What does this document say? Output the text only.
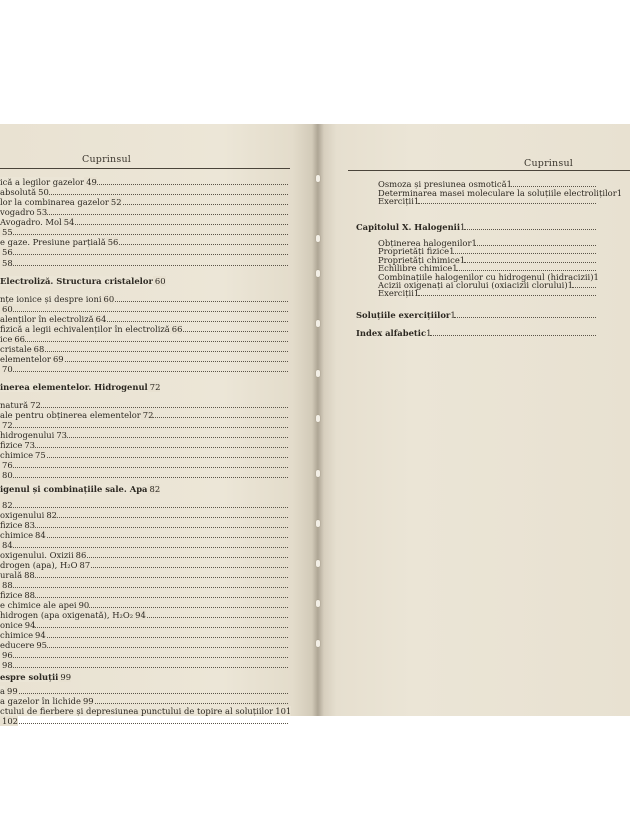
Cuprinsul
ică a legilor gazelor 49
absolută 50
lor la combinarea gazelor 52
vogadro 53
Avogadro. Mol 54
55
e gaze. Presiune parțială 56
56
58
Electroliză. Structura cristalelor 60
nțe ionice și despre ioni 60
60
alenților în electroliză 64
fizică a legii echivalenților în electroliză 66
ice 66
cristale 68
elementelor 69
70
inerea elementelor. Hidrogenul 72
natură 72
ale pentru obținerea elementelor 72
72
hidrogenului 73
fizice 73
chimice 75
76
80
igenul și combinațiile sale. Apa 82
82
oxigenului 82
fizice 83
chimice 84
84
oxigenului. Oxizii 86
drogen (apa), H₂O 87
urală 88
88
fizice 88
e chimice ale apei 90
hidrogen (apa oxigenată), H₂O₂ 94
onice 94
chimice 94
educere 95
96
98
espre soluții 99
a 99
a gazelor în lichide 99
ctului de fierbere și depresiunea punctului de topire al soluțiilor 101
102
Cuprinsul
Osmoza și presiunea osmotică
1
Determinarea masei moleculare la soluțiile electroliților
1
Exerciții
1
Capitolul X. Halogenii
1
Obținerea halogenilor
1
Proprietăți fizice
1
Proprietăți chimice
1
Echilibre chimice
1
Combinațiile halogenilor cu hidrogenul (hidracizii)
1
Acizii oxigenați ai clorului (oxiacizii clorului)
1
Exerciții
1
Soluțiile exercițiilor
1
Index alfabetic
1
